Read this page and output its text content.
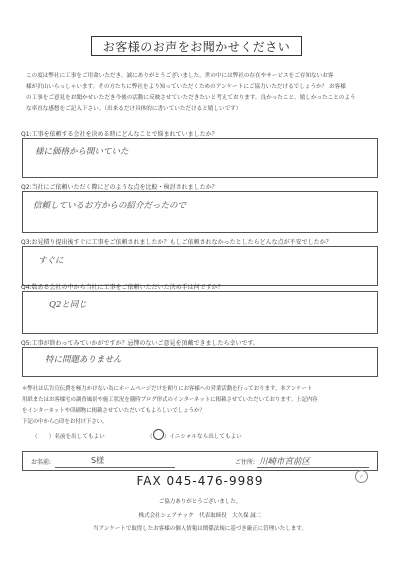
お客様のお声をお聞かせください

この度は弊社に工事をご用命いただき、誠にありがとうございました。世の中には弊社の存在やサービスをご存知ないお客

様が沢山いらっしゃいます。その方たちに弊社をより知っていただくためのアンケートにご協力いただけるでしょうか？ お客様

の工事をご意見をお聞かせいただき今後の活動に反映させていただきたいと考えております。良かったこと、嬉しかったことのよう

な率直な感想をご記入下さい。（出来るだけ具体的に書いていただけると嬉しいです）

Q1:工事を依頼する会社を決める時にどんなことで悩まれていましたか？
様に価格から開いていた
Q2:当社にご依頼いただく際にどのような点を比較・検討されましたか？
信頼しているお方からの紹介だったので
Q3:お見積り提出後すぐに工事をご依頼されましたか？もしご依頼されなかったとしたらどんな点が不安でしたか？
すぐに
Q4:数ある会社の中から当社に工事をご依頼いただいた決め手は何ですか？
Q2と同じ
Q5:工事が終わってみていかがですか？忌憚のないご意見を頂戴できましたら幸いです。
特に問題ありません

＊弊社は広告宣伝費を極力かけない為にホームページだけを頼りにお客様への営業活動を行っております。本アンケート

用紙またはお客様宅の調査風景や施工状況を随時ブログ形式のインターネットに掲載させていただいております。上記内容

をインターネットや印刷物に掲載させていただいてもよろしいでしょうか？

下記の中から○印をお付け下さい。

（　　）名前を出してもよい	（　　）イニシャルなら出してもよい
お名前:	S様	ご住所: 川崎市宮前区
✓
FAX 045-476-9989
ご協力ありがとうございました。
株式会社シェアテック　代表取締役　大久保 誠二
当アンケートで取得したお客様の個人情報は関係法規に基づき厳正に管理いたします。
